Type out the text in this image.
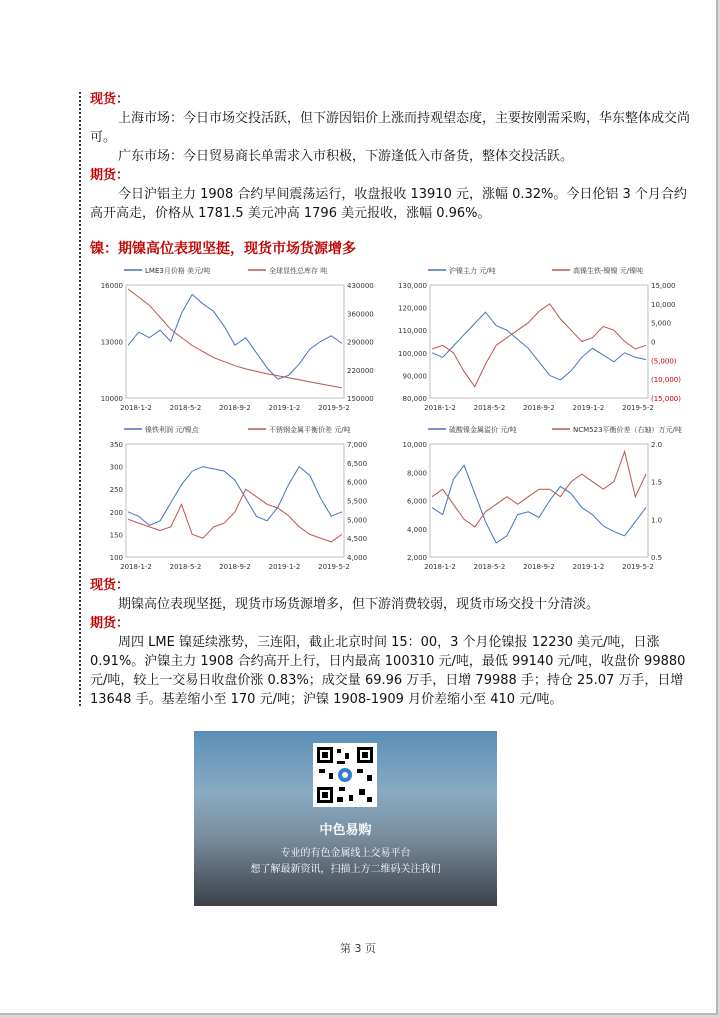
现货：
上海市场：今日市场交投活跃，但下游因铝价上涨而持观望态度，主要按刚需采购，华东整体成交尚可。
广东市场：今日贸易商长单需求入市积极，下游逢低入市备货，整体交投活跃。
期货：
今日沪铝主力 1908 合约早间震荡运行，收盘报收 13910 元，涨幅 0.32%。今日伦铝 3 个月合约高开高走，价格从 1781.5 美元冲高 1796 美元报收，涨幅 0.96%。
镍：期镍高位表现坚挺，现货市场货源增多
LME3月价格 美元/吨	全球显性总库存 吨
10000
13000
16000
150000
220000
290000
360000
430000
2018-1-2	2018-5-2	2018-9-2	2019-1-2	2019-5-2
沪镍主力 元/吨	高镍生铁-镍镍 元/镍吨
80,000
90,000
100,000
110,000
120,000
130,000
(15,000)
(10,000)
(5,000)
0
5,000
10,000
15,000
2018-1-2	2018-5-2	2018-9-2	2019-1-2	2019-5-2
镍铁利润 元/镍点	不锈钢金属平衡价差 元/吨
100
150
200
250
300
350
4,000
4,500
5,000
5,500
6,000
6,500
7,000
2018-1-2	2018-5-2	2018-9-2	2019-1-2	2019-5-2
硫酸镍金属溢价 元/吨	NCM523平衡价差（右轴）万元/吨
2,000
4,000
6,000
8,000
10,000
0.5
1.0
1.5
2.0
2018-1-2	2018-5-2	2018-9-2	2019-1-2	2019-5-2
现货：
期镍高位表现坚挺，现货市场货源增多，但下游消费较弱，现货市场交投十分清淡。
期货：
周四 LME 镍延续涨势，三连阳，截止北京时间 15：00，3 个月伦镍报 12230 美元/吨，日涨 0.91%。沪镍主力 1908 合约高开上行，日内最高 100310 元/吨，最低 99140 元/吨，收盘价 99880 元/吨，较上一交易日收盘价涨 0.83%；成交量 69.96 万手，日增 79988 手；持仓 25.07 万手，日增 13648 手。基差缩小至 170 元/吨；沪镍 1908-1909 月价差缩小至 410 元/吨。
中色易购
专业的有色金属线上交易平台
想了解最新资讯，扫描上方二维码关注我们
第 3 页
